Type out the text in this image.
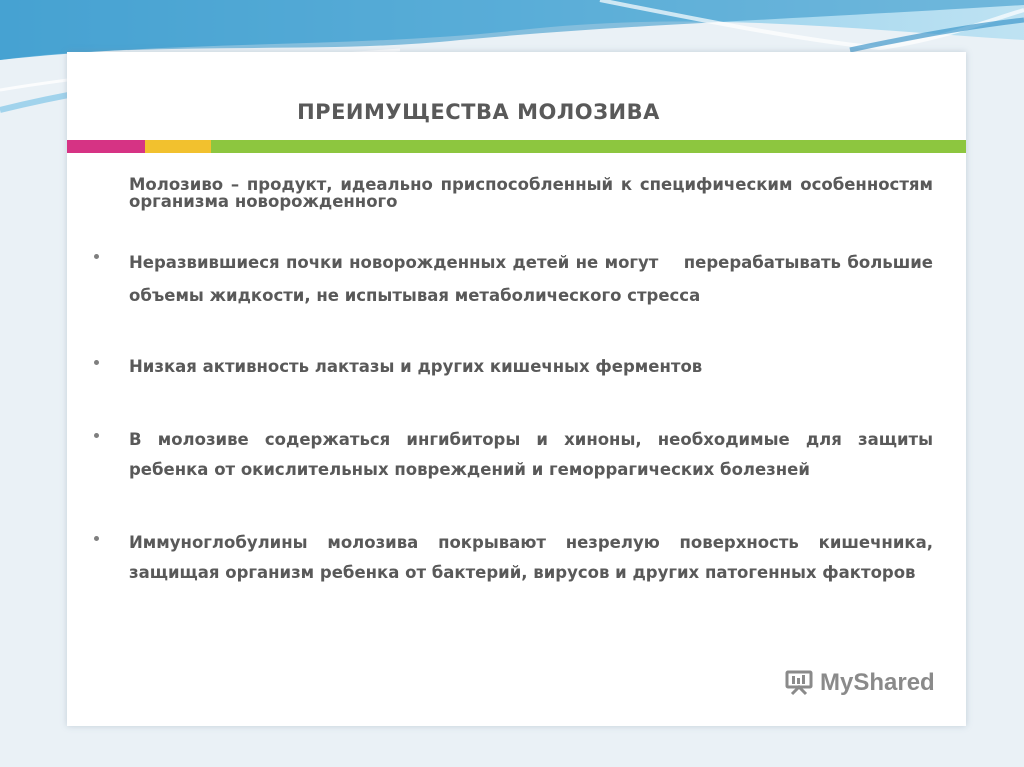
ПРЕИМУЩЕСТВА МОЛОЗИВА

Молозиво – продукт, идеально приспособленный к специфическим особенностям организма новорожденного

Неразвившиеся почки новорожденных детей не могут    перерабатывать большие объемы жидкости, не испытывая метаболического стресса
Низкая активность лактазы и других кишечных ферментов
В молозиве содержаться ингибиторы и хиноны, необходимые для защиты ребенка от окислительных повреждений и геморрагических болезней
Иммуноглобулины молозива покрывают незрелую поверхность кишечника, защищая организм ребенка от бактерий, вирусов и других патогенных факторов
MyShared
